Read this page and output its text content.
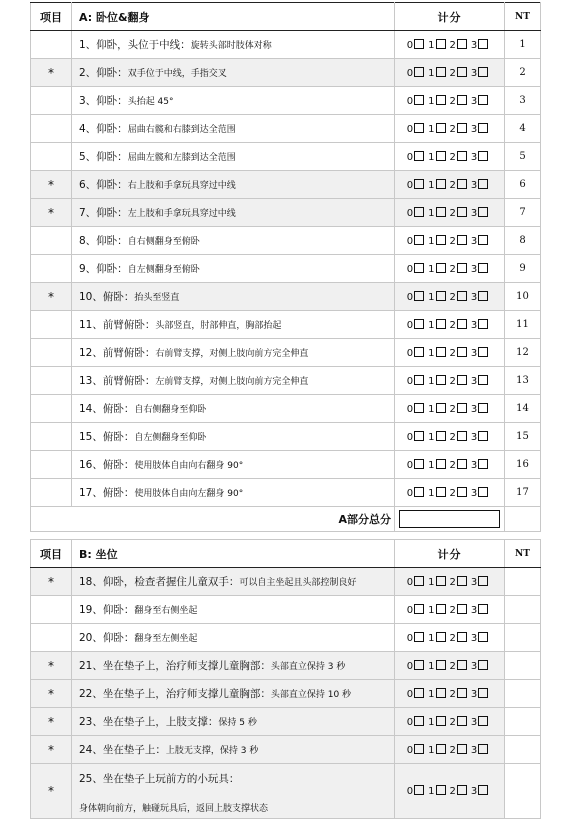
项目	A: 卧位&翻身	计分	NT
	1、仰卧，头位于中线：旋转头部时肢体对称	0 1 2 3	1
*	2、仰卧：双手位于中线，手指交叉	0 1 2 3	2
	3、仰卧：头抬起 45°	0 1 2 3	3
	4、仰卧：屈曲右髋和右膝到达全范围	0 1 2 3	4
	5、仰卧：屈曲左髋和左膝到达全范围	0 1 2 3	5
*	6、仰卧：右上肢和手拿玩具穿过中线	0 1 2 3	6
*	7、仰卧：左上肢和手拿玩具穿过中线	0 1 2 3	7
	8、仰卧：自右侧翻身至俯卧	0 1 2 3	8
	9、仰卧：自左侧翻身至俯卧	0 1 2 3	9
*	10、俯卧：抬头至竖直	0 1 2 3	10
	11、前臂俯卧：头部竖直，肘部伸直，胸部抬起	0 1 2 3	11
	12、前臂俯卧：右前臂支撑，对侧上肢向前方完全伸直	0 1 2 3	12
	13、前臂俯卧：左前臂支撑，对侧上肢向前方完全伸直	0 1 2 3	13
	14、俯卧：自右侧翻身至仰卧	0 1 2 3	14
	15、俯卧：自左侧翻身至仰卧	0 1 2 3	15
	16、俯卧：使用肢体自由向右翻身 90°	0 1 2 3	16
	17、俯卧：使用肢体自由向左翻身 90°	0 1 2 3	17
A部分总分		

项目	B: 坐位	计分	NT
*	18、仰卧，检查者握住儿童双手：可以自主坐起且头部控制良好	0 1 2 3	
	19、仰卧：翻身至右侧坐起	0 1 2 3	
	20、仰卧：翻身至左侧坐起	0 1 2 3	
*	21、坐在垫子上，治疗师支撑儿童胸部：头部直立保持 3 秒	0 1 2 3	
*	22、坐在垫子上，治疗师支撑儿童胸部：头部直立保持 10 秒	0 1 2 3	
*	23、坐在垫子上，上肢支撑：保持 5 秒	0 1 2 3	
*	24、坐在垫子上：上肢无支撑，保持 3 秒	0 1 2 3	
*	25、坐在垫子上玩前方的小玩具：
身体朝向前方，触碰玩具后，返回上肢支撑状态	0 1 2 3	
